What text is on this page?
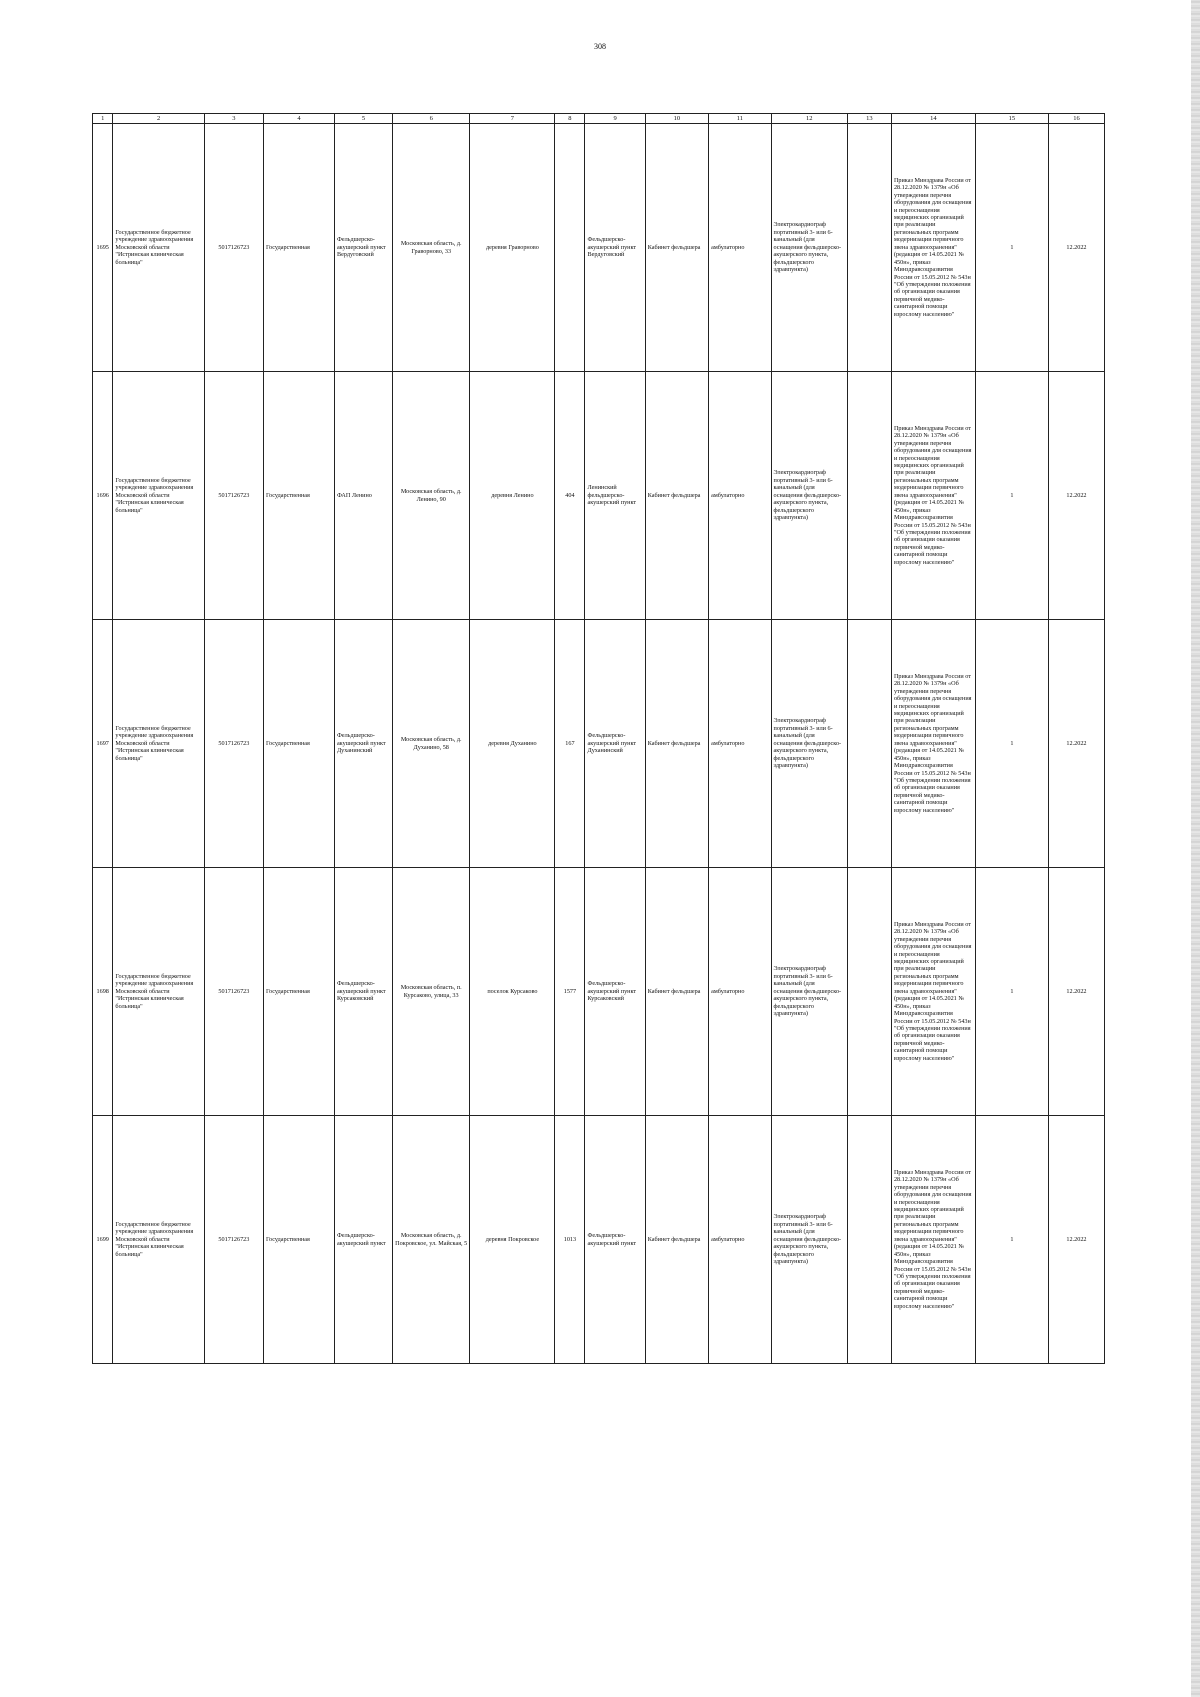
308
1	2	3	4	5	6	7	8	9	10	11	12	13	14	15	16
1695	Государственное бюджетное учреждение здравоохранения Московской области "Истринская клиническая больница"	5017126723	Государственная	Фельдшерско-акушерский пункт Вердуговский	Московская область, д. Граворново, 33	деревня Граворново		Фельдшерско-акушерский пункт Вердуговский	Кабинет фельдшера	амбулаторно	Электрокардиограф портативный 3- или 6-канальный (для оснащения фельдшерско-акушерского пункта, фельдшерского здравпункта)		Приказ Минздрава России от 28.12.2020 № 1379н «Об утверждении перечня оборудования для оснащения и переоснащения медицинских организаций при реализации региональных программ модернизации первичного звена здравоохранения"(редакция от 14.05.2021 № 450н», приказ Минздравсоцразвития России от 15.05.2012 № 543н "Об утверждении положения об организации оказания первичной медико-санитарной помощи взрослому населению"	1	12.2022
1696	Государственное бюджетное учреждение здравоохранения Московской области "Истринская клиническая больница"	5017126723	Государственная	ФАП Ленино	Московская область, д. Ленино, 90	деревня Ленино	404	Ленинский фельдшерско-акушерский пункт	Кабинет фельдшера	амбулаторно	Электрокардиограф портативный 3- или 6-канальный (для оснащения фельдшерско-акушерского пункта, фельдшерского здравпункта)		Приказ Минздрава России от 28.12.2020 № 1379н «Об утверждении перечня оборудования для оснащения и переоснащения медицинских организаций при реализации региональных программ модернизации первичного звена здравоохранения"(редакция от 14.05.2021 № 450н», приказ Минздравсоцразвития России от 15.05.2012 № 543н "Об утверждении положения об организации оказания первичной медико-санитарной помощи взрослому населению"	1	12.2022
1697	Государственное бюджетное учреждение здравоохранения Московской области "Истринская клиническая больница"	5017126723	Государственная	Фельдшерско-акушерский пункт Духанинский	Московская область, д. Духанино, 58	деревня Духанино	167	Фельдшерско-акушерский пункт Духанинский	Кабинет фельдшера	амбулаторно	Электрокардиограф портативный 3- или 6-канальный (для оснащения фельдшерско-акушерского пункта, фельдшерского здравпункта)		Приказ Минздрава России от 28.12.2020 № 1379н «Об утверждении перечня оборудования для оснащения и переоснащения медицинских организаций при реализации региональных программ модернизации первичного звена здравоохранения"(редакция от 14.05.2021 № 450н», приказ Минздравсоцразвития России от 15.05.2012 № 543н "Об утверждении положения об организации оказания первичной медико-санитарной помощи взрослому населению"	1	12.2022
1698	Государственное бюджетное учреждение здравоохранения Московской области "Истринская клиническая больница"	5017126723	Государственная	Фельдшерско-акушерский пункт Курсаковский	Московская область, п. Курсаково, улица, 33	поселок Курсаково	1577	Фельдшерско-акушерский пункт Курсаковский	Кабинет фельдшера	амбулаторно	Электрокардиограф портативный 3- или 6-канальный (для оснащения фельдшерско-акушерского пункта, фельдшерского здравпункта)		Приказ Минздрава России от 28.12.2020 № 1379н «Об утверждении перечня оборудования для оснащения и переоснащения медицинских организаций при реализации региональных программ модернизации первичного звена здравоохранения"(редакция от 14.05.2021 № 450н», приказ Минздравсоцразвития России от 15.05.2012 № 543н "Об утверждении положения об организации оказания первичной медико-санитарной помощи взрослому населению"	1	12.2022
1699	Государственное бюджетное учреждение здравоохранения Московской области "Истринская клиническая больница"	5017126723	Государственная	Фельдшерско-акушерский пункт	Московская область, д. Покровское, ул. Майская, 5	деревня Покровское	1013	Фельдшерско-акушерский пункт	Кабинет фельдшера	амбулаторно	Электрокардиограф портативный 3- или 6-канальный (для оснащения фельдшерско-акушерского пункта, фельдшерского здравпункта)		Приказ Минздрава России от 28.12.2020 № 1379н «Об утверждении перечня оборудования для оснащения и переоснащения медицинских организаций при реализации региональных программ модернизации первичного звена здравоохранения"(редакция от 14.05.2021 № 450н», приказ Минздравсоцразвития России от 15.05.2012 № 543н "Об утверждении положения об организации оказания первичной медико-санитарной помощи взрослому населению"	1	12.2022
